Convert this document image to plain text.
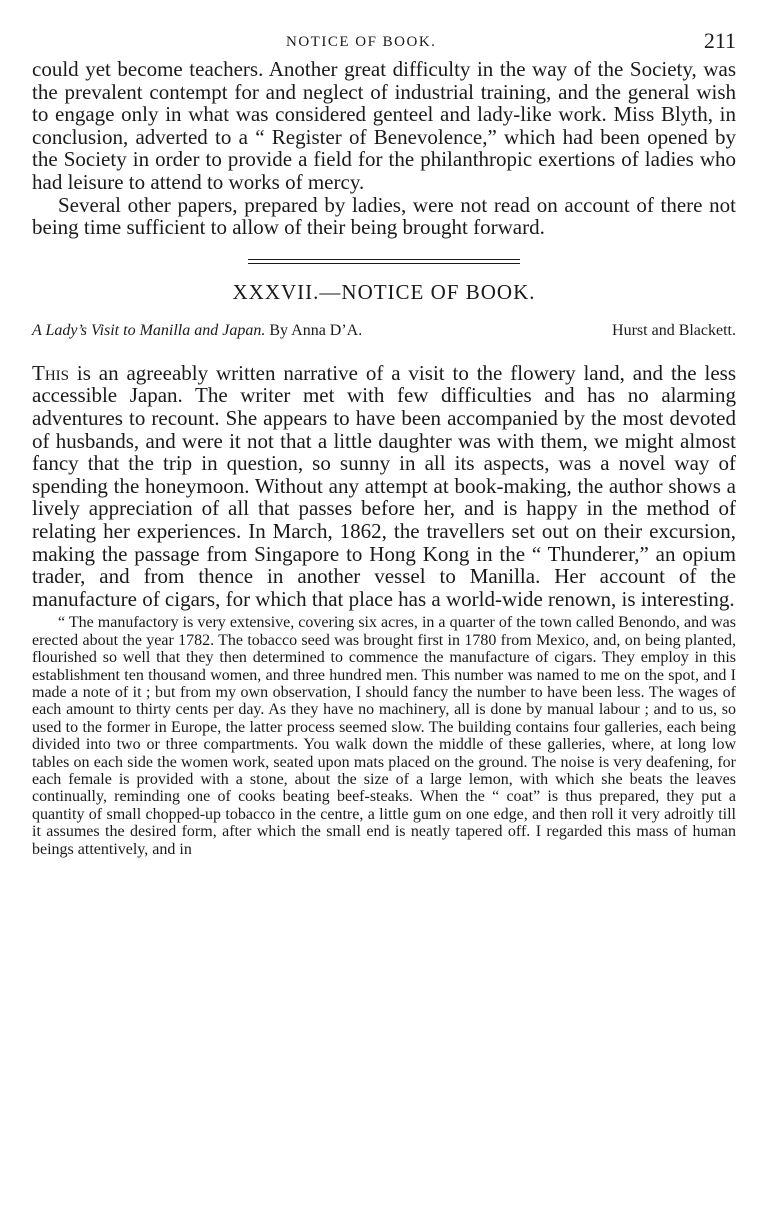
NOTICE OF BOOK.	211

could yet become teachers. Another great difficulty in the way of the Society, was the prevalent contempt for and neglect of industrial training, and the general wish to engage only in what was considered genteel and lady-like work. Miss Blyth, in conclusion, adverted to a “ Register of Benevolence,” which had been opened by the Society in order to provide a field for the philanthropic exertions of ladies who had leisure to attend to works of mercy.

Several other papers, prepared by ladies, were not read on account of there not being time sufficient to allow of their being brought forward.

XXXVII.—NOTICE OF BOOK.
A Lady’s Visit to Manilla and Japan. By Anna D’A.	Hurst and Blackett.

This is an agreeably written narrative of a visit to the flowery land, and the less accessible Japan. The writer met with few difficulties and has no alarming adventures to recount. She appears to have been accompanied by the most devoted of husbands, and were it not that a little daughter was with them, we might almost fancy that the trip in question, so sunny in all its aspects, was a novel way of spending the honeymoon. Without any attempt at book-making, the author shows a lively appreciation of all that passes before her, and is happy in the method of relating her experiences. In March, 1862, the travellers set out on their excursion, making the passage from Singapore to Hong Kong in the “ Thunderer,” an opium trader, and from thence in another vessel to Manilla. Her account of the manufacture of cigars, for which that place has a world-wide renown, is interesting.

“ The manufactory is very extensive, covering six acres, in a quarter of the town called Benondo, and was erected about the year 1782. The tobacco seed was brought first in 1780 from Mexico, and, on being planted, flourished so well that they then determined to commence the manufacture of cigars. They employ in this establishment ten thousand women, and three hundred men. This number was named to me on the spot, and I made a note of it ; but from my own observation, I should fancy the number to have been less. The wages of each amount to thirty cents per day. As they have no machinery, all is done by manual labour ; and to us, so used to the former in Europe, the latter process seemed slow. The building contains four galleries, each being divided into two or three compartments. You walk down the middle of these galleries, where, at long low tables on each side the women work, seated upon mats placed on the ground. The noise is very deafening, for each female is provided with a stone, about the size of a large lemon, with which she beats the leaves continually, reminding one of cooks beating beef-steaks. When the “ coat” is thus prepared, they put a quantity of small chopped-up tobacco in the centre, a little gum on one edge, and then roll it very adroitly till it assumes the desired form, after which the small end is neatly tapered off. I regarded this mass of human beings attentively, and in
